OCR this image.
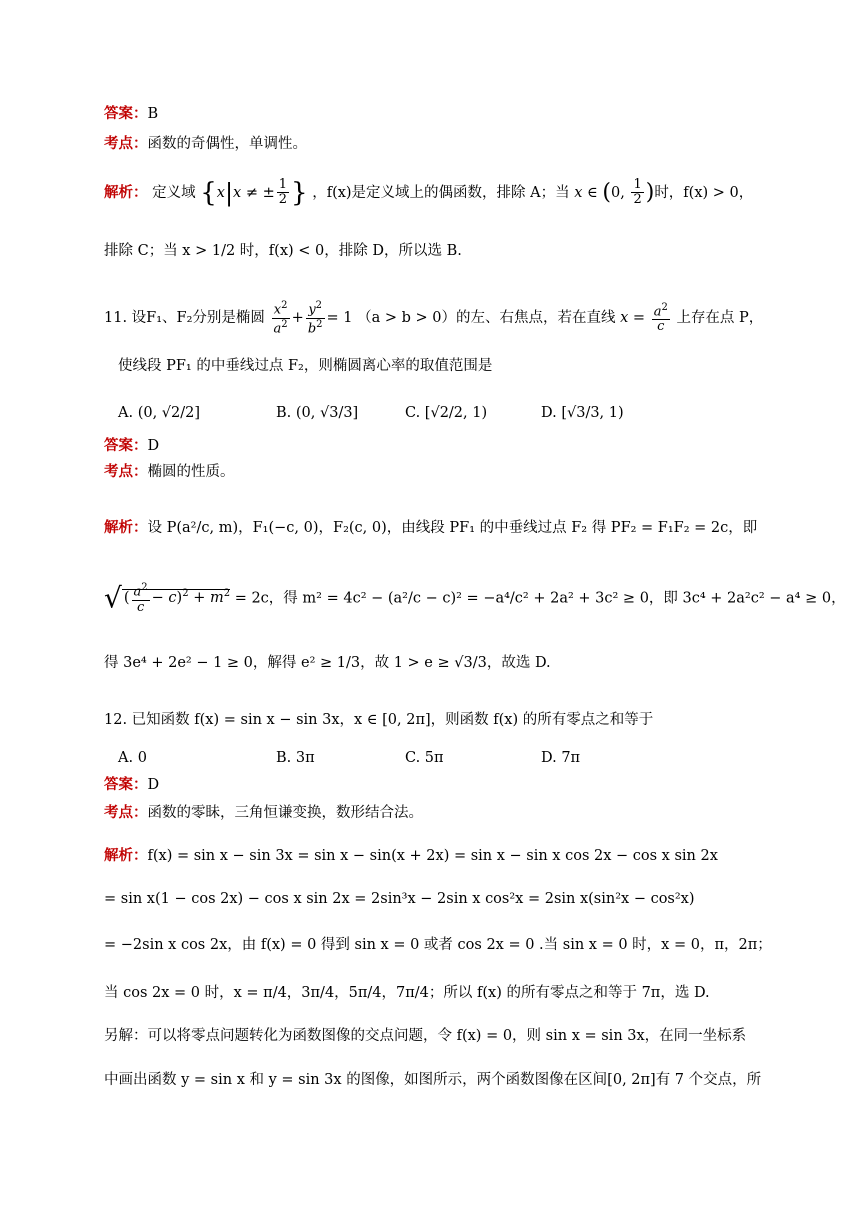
答案：B
考点：函数的奇偶性，单调性。
解析： 定义域 {x|x ≠ ± $\frac{1}{2}$ } ，f(x)是定义域上的偶函数，排除 A；当 x ∈ (0, $\frac{1}{2}$ )时，f(x) > 0，
排除 C；当 x > 1/2 时，f(x) < 0，排除 D，所以选 B.
11. 设F₁、F₂分别是椭圆 $\frac{x^2}{a^2} + \frac{y^2}{b^2} = 1$ （a > b > 0）的左、右焦点，若在直线 $x = \frac{a^2}{c}$ 上存在点 P，
使线段 PF₁ 的中垂线过点 F₂，则椭圆离心率的取值范围是
A. (0, √2/2]	B. (0, √3/3]	C. [√2/2, 1)	D. [√3/3, 1)
答案：D
考点：椭圆的性质。
解析：设 P(a²/c, m)，F₁(−c, 0)，F₂(c, 0)，由线段 PF₁ 的中垂线过点 F₂ 得 PF₂ = F₁F₂ = 2c，即
√ ( $\frac{a^2}{c} - c)^2 + m^2 = 2c$，得 m² = 4c² − (a²/c − c)² = −a⁴/c² + 2a² + 3c² ≥ 0，即 3c⁴ + 2a²c² − a⁴ ≥ 0，
得 3e⁴ + 2e² − 1 ≥ 0，解得 e² ≥ 1/3，故 1 > e ≥ √3/3，故选 D.
12. 已知函数 f(x) = sin x − sin 3x，x ∈ [0, 2π]，则函数 f(x) 的所有零点之和等于
A. 0	B. 3π	C. 5π	D. 7π
答案：D
考点：函数的零眛，三角恒谦变换，数形结合法。
解析：f(x) = sin x − sin 3x = sin x − sin(x + 2x) = sin x − sin x cos 2x − cos x sin 2x
= sin x(1 − cos 2x) − cos x sin 2x = 2sin³x − 2sin x cos²x = 2sin x(sin²x − cos²x)
= −2sin x cos 2x，由 f(x) = 0 得到 sin x = 0 或者 cos 2x = 0 .当 sin x = 0 时，x = 0，π，2π；
当 cos 2x = 0 时，x = π/4，3π/4，5π/4，7π/4；所以 f(x) 的所有零点之和等于 7π，选 D.
另解：可以将零点问题转化为函数图像的交点问题，令 f(x) = 0，则 sin x = sin 3x，在同一坐标系
中画出函数 y = sin x 和 y = sin 3x 的图像，如图所示，两个函数图像在区间[0, 2π]有 7 个交点，所
